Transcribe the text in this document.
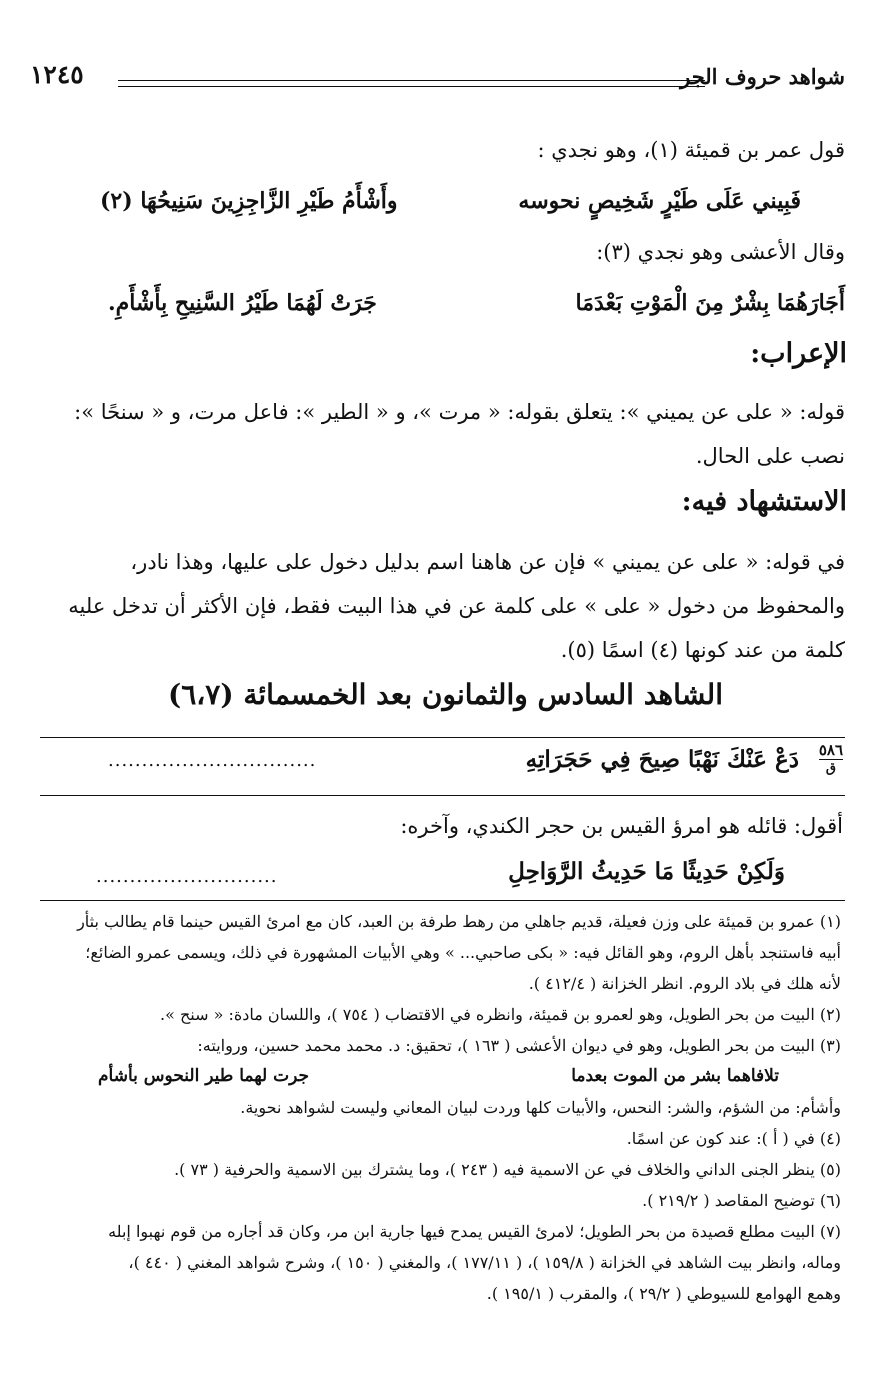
شواهد حروف الجر
١٢٤٥
قول عمر بن قميئة (١)، وهو نجدي :
فَبِيني عَلَى طَيْرٍ شَخِيصٍ نحوسه
وأَشْأَمُ طَيْرِ الزَّاجِزِينَ سَنِيحُهَا (٢)
وقال الأعشى وهو نجدي (٣):
أَجَارَهُمَا بِشْرٌ مِنَ الْمَوْتِ بَعْدَمَا
جَرَتْ لَهُمَا طَيْرُ السَّنِيحِ بِأَشْأَمِ.
الإعراب:

قوله: « على عن يميني »: يتعلق بقوله: « مرت »، و « الطير »: فاعل مرت، و « سنحًا »:

نصب على الحال.

الاستشهاد فيه:

في قوله: « على عن يميني » فإن عن هاهنا اسم بدليل دخول على عليها، وهذا نادر،

والمحفوظ من دخول « على » على كلمة عن في هذا البيت فقط، فإن الأكثر أن تدخل عليه

كلمة من عند كونها (٤) اسمًا (٥).

الشاهد السادس والثمانون بعد الخمسمائة (٦،٧)
٥٨٦
ق
دَعْ عَنْكَ نَهْبًا صِيحَ فِي حَجَرَاتِهِ
...............................
أقول: قائله هو امرؤ القيس بن حجر الكندي، وآخره:
وَلَكِنْ حَدِيثًا مَا حَدِيثُ الرَّوَاحِلِ
...........................

(١) عمرو بن قميئة على وزن فعيلة، قديم جاهلي من رهط طرفة بن العبد، كان مع امرئ القيس حينما قام يطالب بثأر

أبيه فاستنجد بأهل الروم، وهو القائل فيه: « بكى صاحبي... » وهي الأبيات المشهورة في ذلك، ويسمى عمرو الضائع؛

لأنه هلك في بلاد الروم. انظر الخزانة ( ٤١٢/٤ ).

(٢) البيت من بحر الطويل، وهو لعمرو بن قميئة، وانظره في الاقتضاب ( ٧٥٤ )، واللسان مادة: « سنح ».

(٣) البيت من بحر الطويل، وهو في ديوان الأعشى ( ١٦٣ )، تحقيق: د. محمد محمد حسين، وروايته:

تلافاهما بشر من الموت بعدما
جرت لهما طير النحوس بأشأم

وأشأم: من الشؤم، والشر: النحس، والأبيات كلها وردت لبيان المعاني وليست لشواهد نحوية.

(٤) في ( أ ): عند كون عن اسمًا.

(٥) ينظر الجنى الداني والخلاف في عن الاسمية فيه ( ٢٤٣ )، وما يشترك بين الاسمية والحرفية ( ٧٣ ).

(٦) توضيح المقاصد ( ٢١٩/٢ ).

(٧) البيت مطلع قصيدة من بحر الطويل؛ لامرئ القيس يمدح فيها جارية ابن مر، وكان قد أجاره من قوم نهبوا إبله

وماله، وانظر بيت الشاهد في الخزانة ( ١٥٩/٨ )، ( ١٧٧/١١ )، والمغني ( ١٥٠ )، وشرح شواهد المغني ( ٤٤٠ )،

وهمع الهوامع للسيوطي ( ٢٩/٢ )، والمقرب ( ١٩٥/١ ).
